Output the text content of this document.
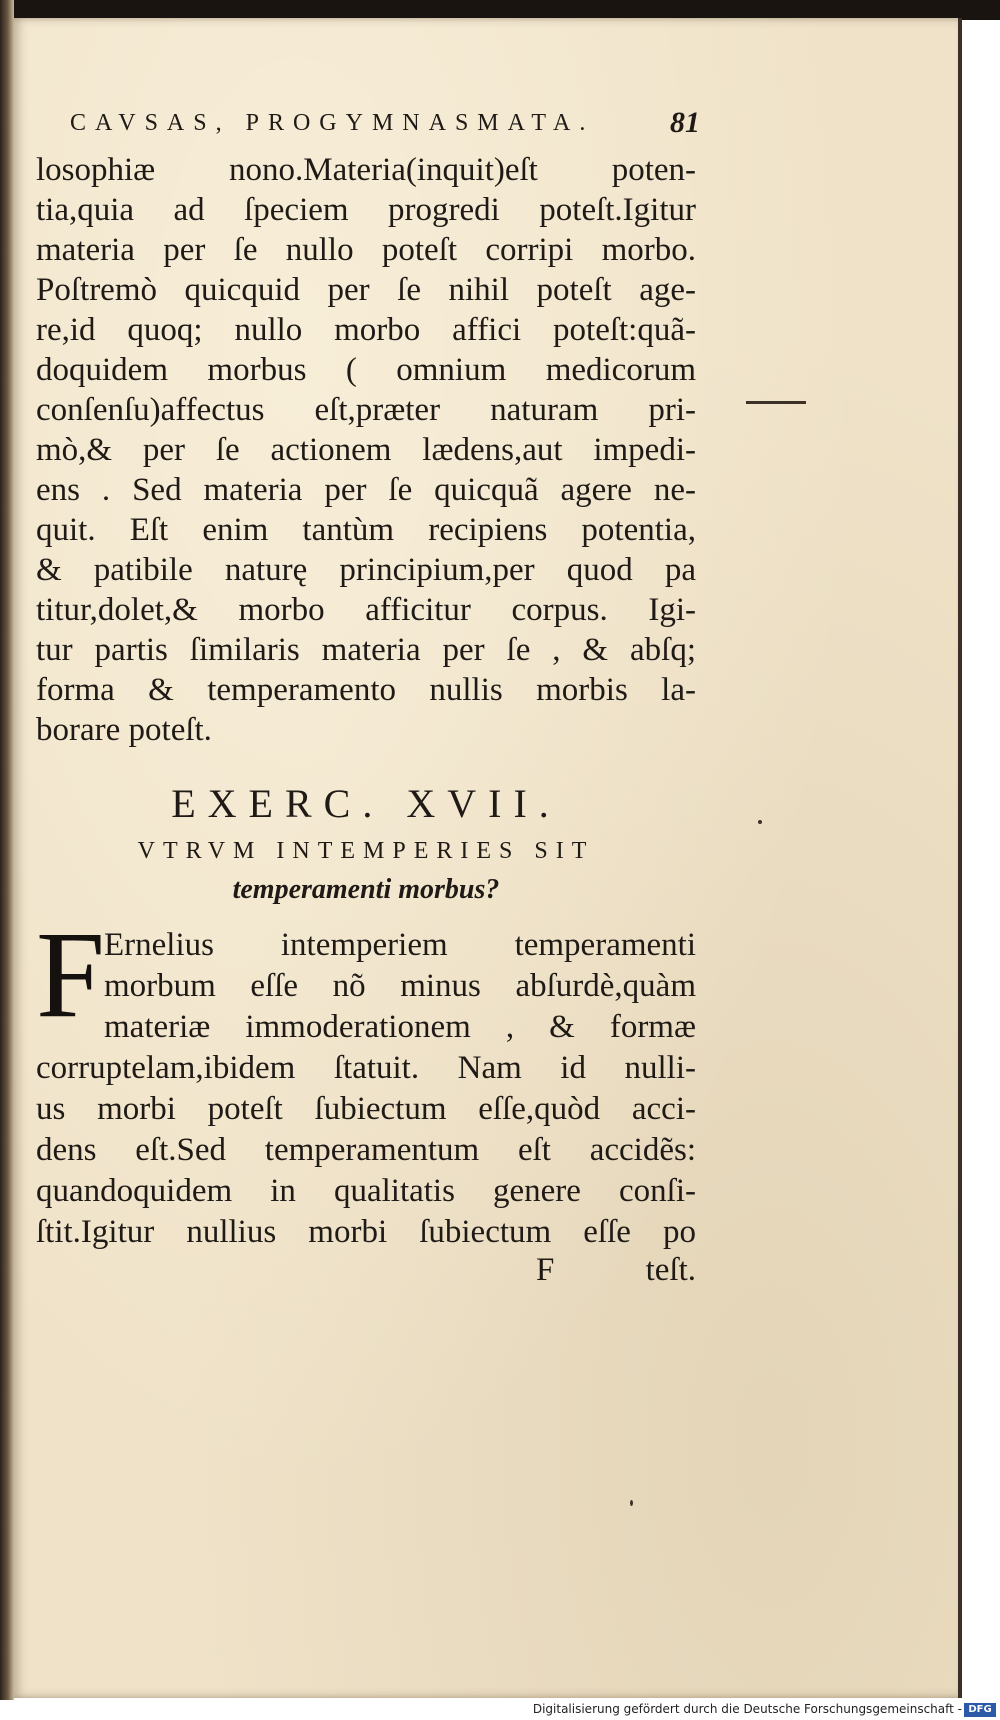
CAVSAS, PROGYMNASMATA.	81
losophiæ nono.Materia(inquit)eſt poten-
tia,quia ad ſpeciem progredi poteſt.Igitur
materia per ſe nullo poteſt corripi morbo.
Poſtremò quicquid per ſe nihil poteſt age-
re,id quoq; nullo morbo affici poteſt:quã-
doquidem morbus ( omnium medicorum
conſenſu)affectus eſt,præter naturam pri-
mò,& per ſe actionem lædens,aut impedi-
ens . Sed materia per ſe quicquã agere ne-
quit. Eſt enim tantùm recipiens potentia,
& patibile naturę principium,per quod pa
titur,dolet,& morbo afficitur corpus. Igi-
tur partis ſimilaris materia per ſe , & abſq;
forma & temperamento nullis morbis la-
borare poteſt.
EXERC. XVII.
VTRVM INTEMPERIES SIT
temperamenti morbus?
F Ernelius intemperiem temperamenti
morbum eſſe nõ minus abſurdè,quàm
materiæ immoderationem , & formæ
corruptelam,ibidem ſtatuit. Nam id nulli-
us morbi poteſt ſubiectum eſſe,quòd acci-
dens eſt.Sed temperamentum eſt accidẽs:
quandoquidem in qualitatis genere conſi-
ſtit.Igitur nullius morbi ſubiectum eſſe po
F	teſt.
Digitalisierung gefördert durch die Deutsche Forschungsgemeinschaft - DFG
